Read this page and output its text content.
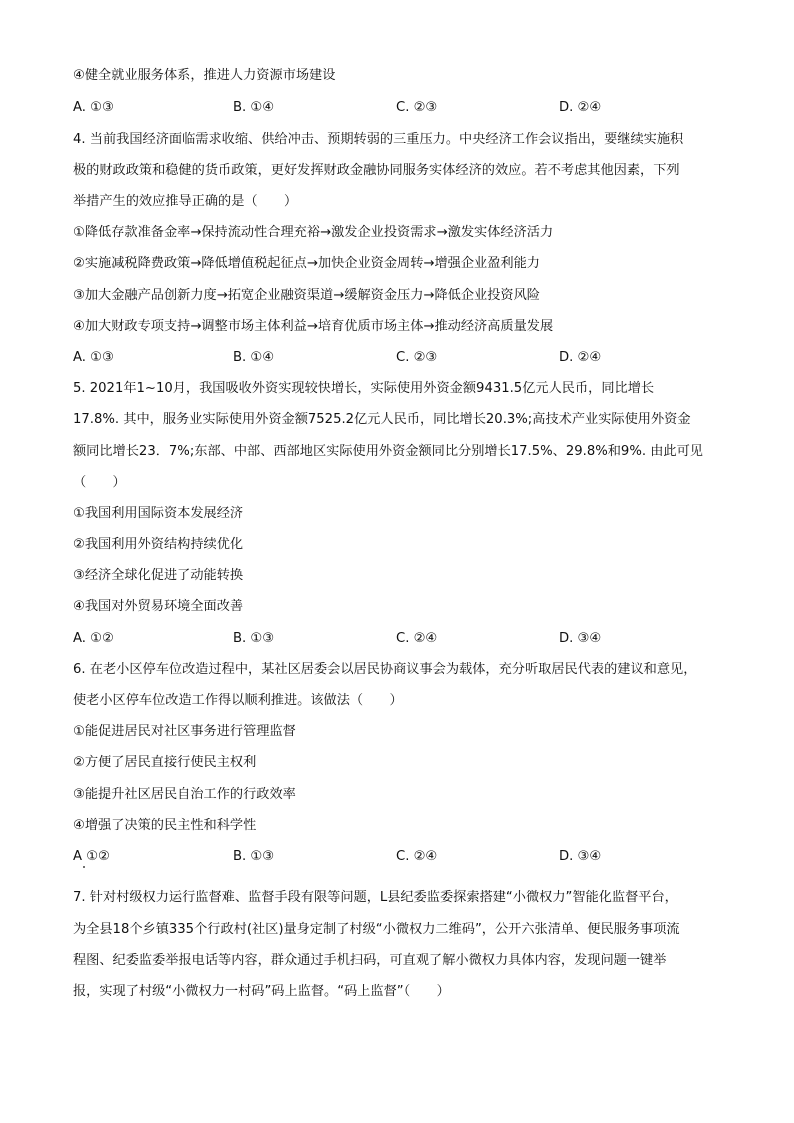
④健全就业服务体系，推进人力资源市场建设
A. ①③	B. ①④	C. ②③	D. ②④
4. 当前我国经济面临需求收缩、供给冲击、预期转弱的三重压力。中央经济工作会议指出，要继续实施积
极的财政政策和稳健的货币政策，更好发挥财政金融协同服务实体经济的效应。若不考虑其他因素，下列
举措产生的效应推导正确的是（　　）
①降低存款准备金率→保持流动性合理充裕→激发企业投资需求→激发实体经济活力
②实施减税降费政策→降低增值税起征点→加快企业资金周转→增强企业盈利能力
③加大金融产品创新力度→拓宽企业融资渠道→缓解资金压力→降低企业投资风险
④加大财政专项支持→调整市场主体利益→培育优质市场主体→推动经济高质量发展
A. ①③	B. ①④	C. ②③	D. ②④
5. 2021年1~10月，我国吸收外资实现较快增长，实际使用外资金额9431.5亿元人民币，同比增长
17.8%. 其中，服务业实际使用外资金额7525.2亿元人民币，同比增长20.3%;高技术产业实际使用外资金
额同比增长23．7%;东部、中部、西部地区实际使用外资金额同比分别增长17.5%、29.8%和9%. 由此可见
（　　）
①我国利用国际资本发展经济
②我国利用外资结构持续优化
③经济全球化促进了动能转换
④我国对外贸易环境全面改善
A. ①②	B. ①③	C. ②④	D. ③④
6. 在老小区停车位改造过程中，某社区居委会以居民协商议事会为载体，充分听取居民代表的建议和意见，
使老小区停车位改造工作得以顺利推进。该做法（　　）
①能促进居民对社区事务进行管理监督
②方便了居民直接行使民主权利
③能提升社区居民自治工作的行政效率
④增强了决策的民主性和科学性
A ①②	B. ①③	C. ②④	D. ③④
7. 针对村级权力运行监督难、监督手段有限等问题，L县纪委监委探索搭建“小微权力”智能化监督平台，
为全县18个乡镇335个行政村(社区)量身定制了村级“小微权力二维码”，公开六张清单、便民服务事项流
程图、纪委监委举报电话等内容，群众通过手机扫码，可直观了解小微权力具体内容，发现问题一键举
报，实现了村级“小微权力一村码”码上监督。“码上监督”（　　）
